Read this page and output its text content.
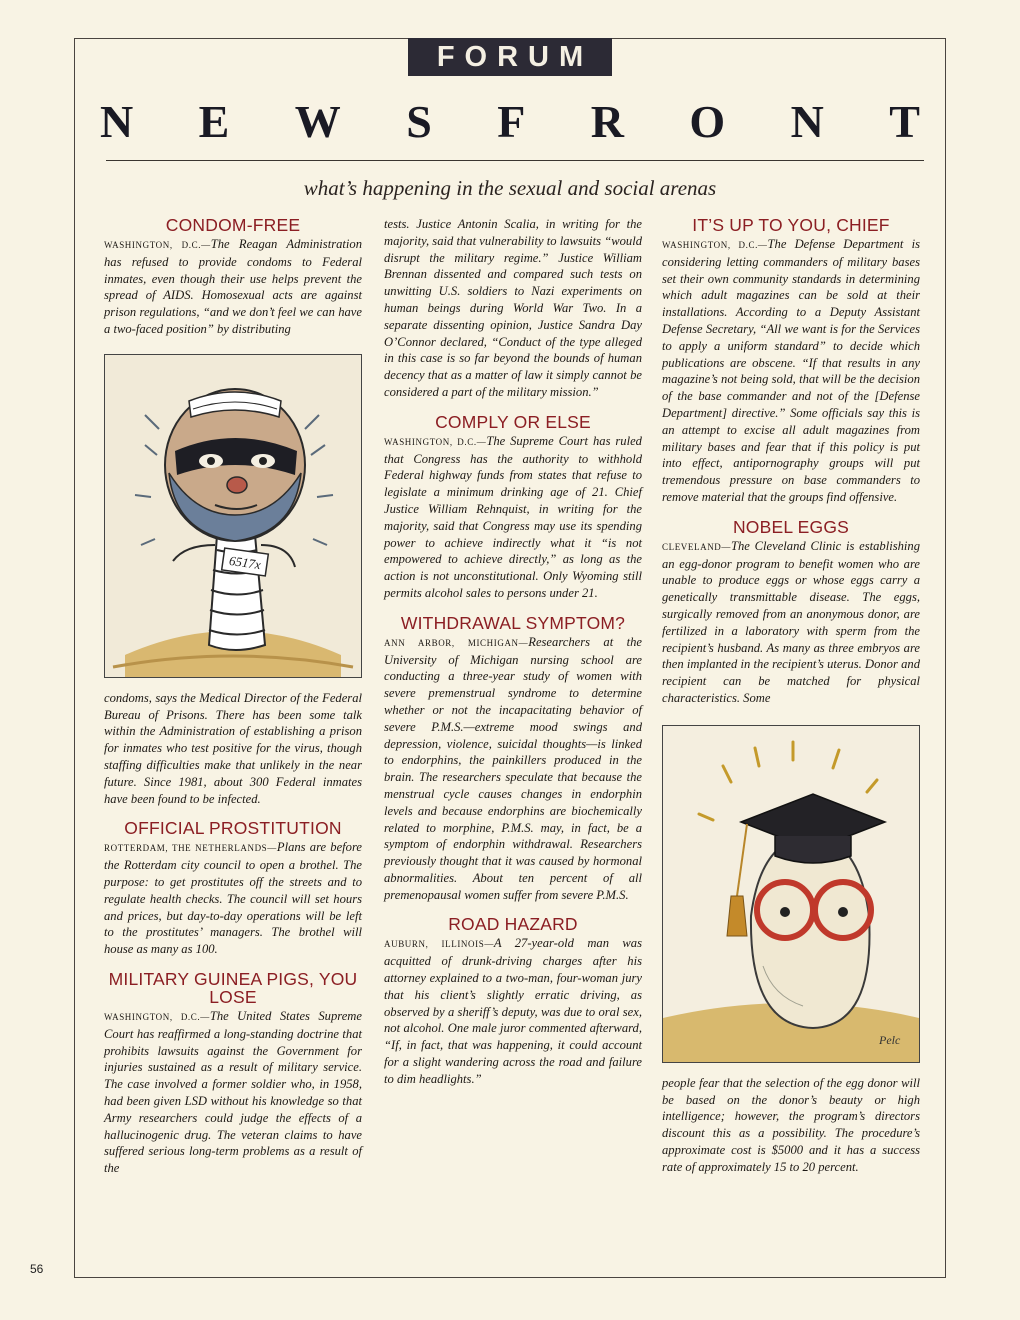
FORUM
N E W S F R O N T
what’s happening in the sexual and social arenas
CONDOM-FREE

WASHINGTON, D.C.—The Reagan Administration has refused to provide condoms to Federal inmates, even though their use helps prevent the spread of AIDS. Homosexual acts are against prison regulations, “and we don’t feel we can have a two-faced position” by distributing

6517x

condoms, says the Medical Director of the Federal Bureau of Prisons. There has been some talk within the Administration of establishing a prison for inmates who test positive for the virus, though staffing difficulties make that unlikely in the near future. Since 1981, about 300 Federal inmates have been found to be infected.

OFFICIAL PROSTITUTION

ROTTERDAM, THE NETHERLANDS—Plans are before the Rotterdam city council to open a brothel. The purpose: to get prostitutes off the streets and to regulate health checks. The council will set hours and prices, but day-to-day operations will be left to the prostitutes’ managers. The brothel will house as many as 100.

MILITARY GUINEA PIGS, YOU LOSE

WASHINGTON, D.C.—The United States Supreme Court has reaffirmed a long-standing doctrine that prohibits lawsuits against the Government for injuries sustained as a result of military service. The case involved a former soldier who, in 1958, had been given LSD without his knowledge so that Army researchers could judge the effects of a hallucinogenic drug. The veteran claims to have suffered serious long-term problems as a result of the

tests. Justice Antonin Scalia, in writing for the majority, said that vulnerability to lawsuits “would disrupt the military regime.” Justice William Brennan dissented and compared such tests on unwitting U.S. soldiers to Nazi experiments on human beings during World War Two. In a separate dissenting opinion, Justice Sandra Day O’Connor declared, “Conduct of the type alleged in this case is so far beyond the bounds of human decency that as a matter of law it simply cannot be considered a part of the military mission.”

COMPLY OR ELSE

WASHINGTON, D.C.—The Supreme Court has ruled that Congress has the authority to withhold Federal highway funds from states that refuse to legislate a minimum drinking age of 21. Chief Justice William Rehnquist, in writing for the majority, said that Congress may use its spending power to achieve indirectly what it “is not empowered to achieve directly,” as long as the action is not unconstitutional. Only Wyoming still permits alcohol sales to persons under 21.

WITHDRAWAL SYMPTOM?

ANN ARBOR, MICHIGAN—Researchers at the University of Michigan nursing school are conducting a three-year study of women with severe premenstrual syndrome to determine whether or not the incapacitating behavior of severe P.M.S.—extreme mood swings and depression, violence, suicidal thoughts—is linked to endorphins, the painkillers produced in the brain. The researchers speculate that because the menstrual cycle causes changes in endorphin levels and because endorphins are biochemically related to morphine, P.M.S. may, in fact, be a symptom of endorphin withdrawal. Researchers previously thought that it was caused by hormonal abnormalities. About ten percent of all premenopausal women suffer from severe P.M.S.

ROAD HAZARD

AUBURN, ILLINOIS—A 27-year-old man was acquitted of drunk-driving charges after his attorney explained to a two-man, four-woman jury that his client’s slightly erratic driving, as observed by a sheriff’s deputy, was due to oral sex, not alcohol. One male juror commented afterward, “If, in fact, that was happening, it could account for a slight wandering across the road and failure to dim headlights.”

IT’S UP TO YOU, CHIEF

WASHINGTON, D.C.—The Defense Department is considering letting commanders of military bases set their own community standards in determining which adult magazines can be sold at their installations. According to a Deputy Assistant Defense Secretary, “All we want is for the Services to apply a uniform standard” to decide which publications are obscene. “If that results in any magazine’s not being sold, that will be the decision of the base commander and not of the [Defense Department] directive.” Some officials say this is an attempt to excise all adult magazines from military bases and fear that if this policy is put into effect, antipornography groups will put tremendous pressure on base commanders to remove material that the groups find offensive.

NOBEL EGGS

CLEVELAND—The Cleveland Clinic is establishing an egg-donor program to benefit women who are unable to produce eggs or whose eggs carry a genetically transmittable disease. The eggs, surgically removed from an anonymous donor, are fertilized in a laboratory with sperm from the recipient’s husband. As many as three embryos are then implanted in the recipient’s uterus. Donor and recipient can be matched for physical characteristics. Some

Pelc

people fear that the selection of the egg donor will be based on the donor’s beauty or high intelligence; however, the program’s directors discount this as a possibility. The procedure’s approximate cost is $5000 and it has a success rate of approximately 15 to 20 percent.

56
